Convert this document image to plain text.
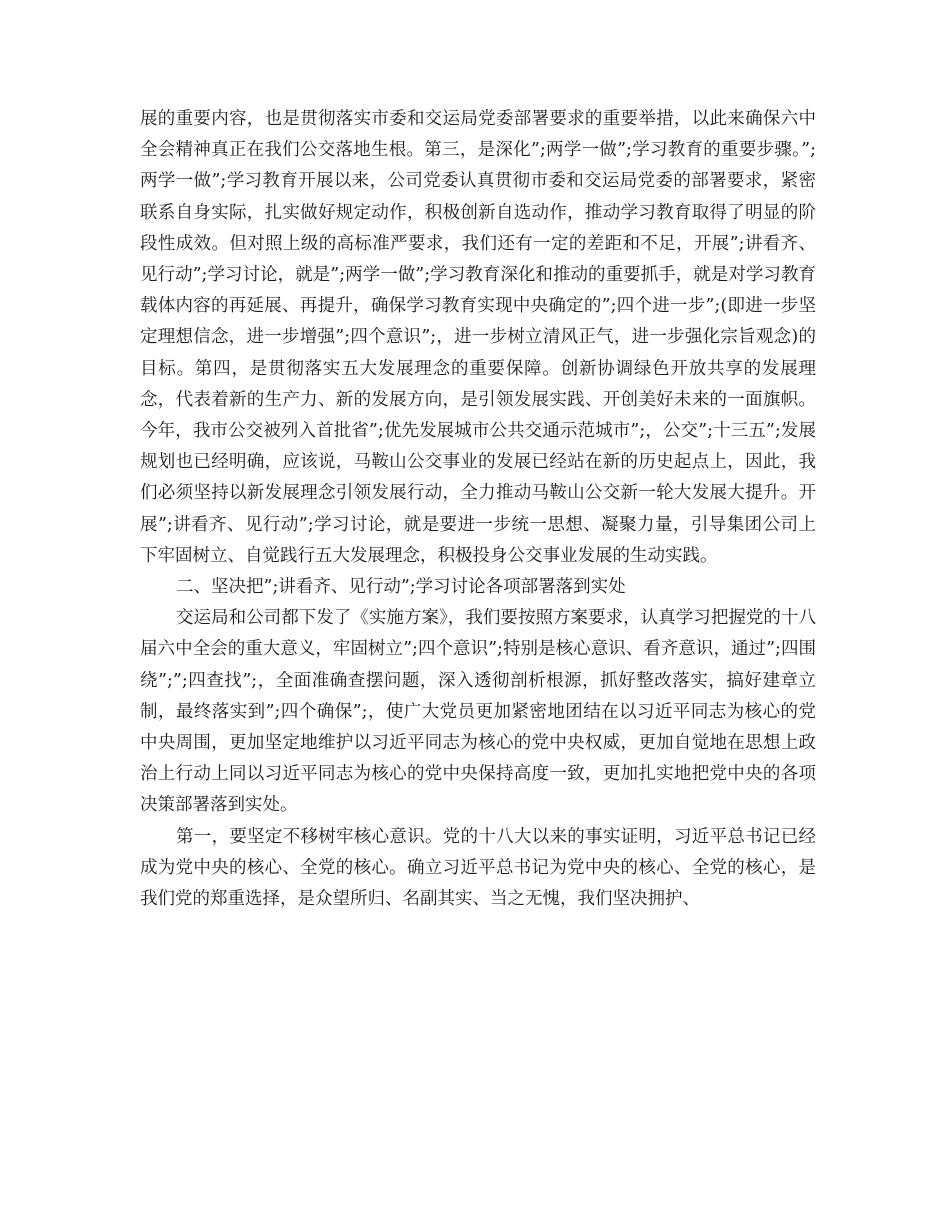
展的重要内容，也是贯彻落实市委和交运局党委部署要求的重要举措，以此来确保六中全会精神真正在我们公交落地生根。第三，是深化”;两学一做”;学习教育的重要步骤。”;两学一做”;学习教育开展以来，公司党委认真贯彻市委和交运局党委的部署要求，紧密联系自身实际，扎实做好规定动作，积极创新自选动作，推动学习教育取得了明显的阶段性成效。但对照上级的高标准严要求，我们还有一定的差距和不足，开展”;讲看齐、见行动”;学习讨论，就是”;两学一做”;学习教育深化和推动的重要抓手，就是对学习教育载体内容的再延展、再提升，确保学习教育实现中央确定的”;四个进一步”;(即进一步坚定理想信念，进一步增强”;四个意识”;，进一步树立清风正气，进一步强化宗旨观念)的目标。第四，是贯彻落实五大发展理念的重要保障。创新协调绿色开放共享的发展理念，代表着新的生产力、新的发展方向，是引领发展实践、开创美好未来的一面旗帜。今年，我市公交被列入首批省”;优先发展城市公共交通示范城市”;，公交”;十三五”;发展规划也已经明确，应该说，马鞍山公交事业的发展已经站在新的历史起点上，因此，我们必须坚持以新发展理念引领发展行动，全力推动马鞍山公交新一轮大发展大提升。开展”;讲看齐、见行动”;学习讨论，就是要进一步统一思想、凝聚力量，引导集团公司上下牢固树立、自觉践行五大发展理念，积极投身公交事业发展的生动实践。

二、坚决把”;讲看齐、见行动”;学习讨论各项部署落到实处

交运局和公司都下发了《实施方案》，我们要按照方案要求，认真学习把握党的十八届六中全会的重大意义，牢固树立”;四个意识”;特别是核心意识、看齐意识，通过”;四围绕”;”;四查找”;，全面准确查摆问题，深入透彻剖析根源，抓好整改落实，搞好建章立制，最终落实到”;四个确保”;，使广大党员更加紧密地团结在以习近平同志为核心的党中央周围，更加坚定地维护以习近平同志为核心的党中央权威，更加自觉地在思想上政治上行动上同以习近平同志为核心的党中央保持高度一致，更加扎实地把党中央的各项决策部署落到实处。

第一，要坚定不移树牢核心意识。党的十八大以来的事实证明，习近平总书记已经成为党中央的核心、全党的核心。确立习近平总书记为党中央的核心、全党的核心，是我们党的郑重选择，是众望所归、名副其实、当之无愧，我们坚决拥护、
